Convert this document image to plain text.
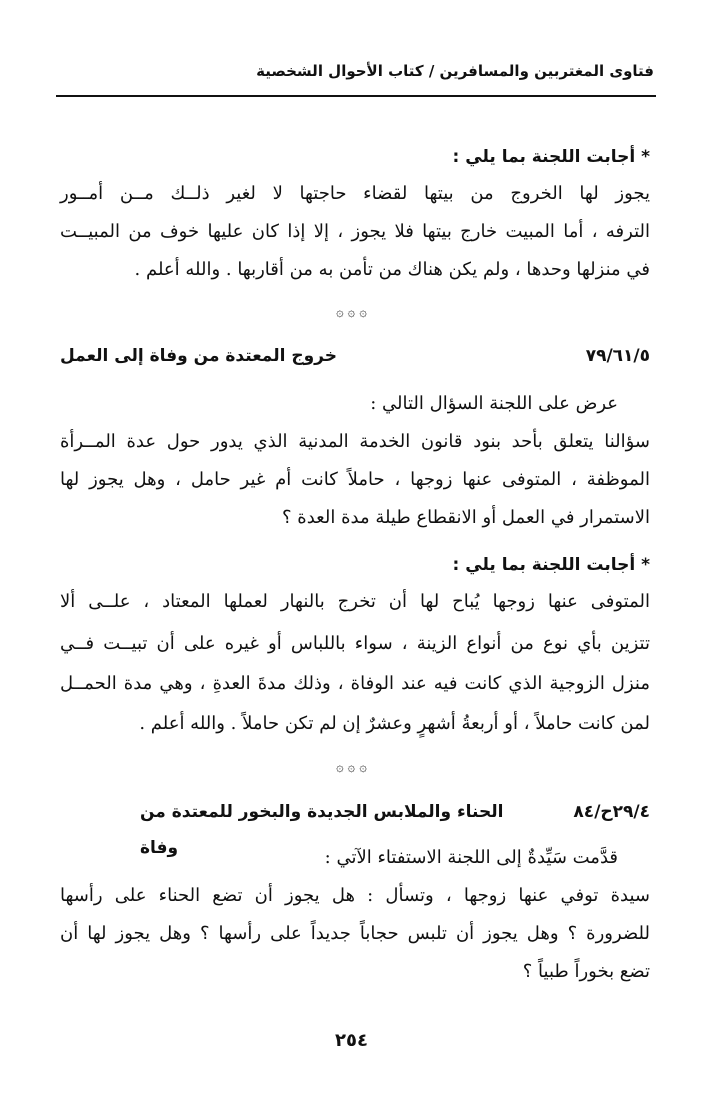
فتاوى المغتربين والمسافرين / كتاب الأحوال الشخصية
* أجابت اللجنة بما يلي :
يجوز لها الخروج من بيتها لقضاء حاجتها لا لغير ذلــك مــن أمــور
الترفه ، أما المبيت خارج بيتها فلا يجوز ، إلا إذا كان عليها خوف من المبيــت
في منزلها وحدها ، ولم يكن هناك من تأمن به من أقاربها . والله أعلم .
۞ ۞ ۞
٧٩/٦١/٥
خروج المعتدة من وفاة إلى العمل
عرض على اللجنة السؤال التالي :
سؤالنا يتعلق بأحد بنود قانون الخدمة المدنية الذي يدور حول عدة المــرأة
الموظفة ، المتوفى عنها زوجها ، حاملاً كانت أم غير حامل ، وهل يجوز لها
الاستمرار في العمل أو الانقطاع طيلة مدة العدة ؟
* أجابت اللجنة بما يلي :
المتوفى عنها زوجها يُباح لها أن تخرج بالنهار لعملها المعتاد ، علــى ألا
تتزين بأي نوع من أنواع الزينة ، سواء باللباس أو غيره على أن تبيــت فــي
منزل الزوجية الذي كانت فيه عند الوفاة ، وذلك مدةَ العدةِ ، وهي مدة الحمــل
لمن كانت حاملاً ، أو أربعةُ أشهرٍ وعشرٌ إن لم تكن حاملاً . والله أعلم .
۞ ۞ ۞
٢٩/٤ح/٨٤
الحناء والملابس الجديدة والبخور للمعتدة من وفاة	قدَّمت سَيِّدةٌ إلى اللجنة الاستفتاء الآتي :
سيدة توفي عنها زوجها ، وتسأل : هل يجوز أن تضع الحناء على رأسها
للضرورة ؟ وهل يجوز أن تلبس حجاباً جديداً على رأسها ؟ وهل يجوز لها أن
تضع بخوراً طبياً ؟
٢٥٤
